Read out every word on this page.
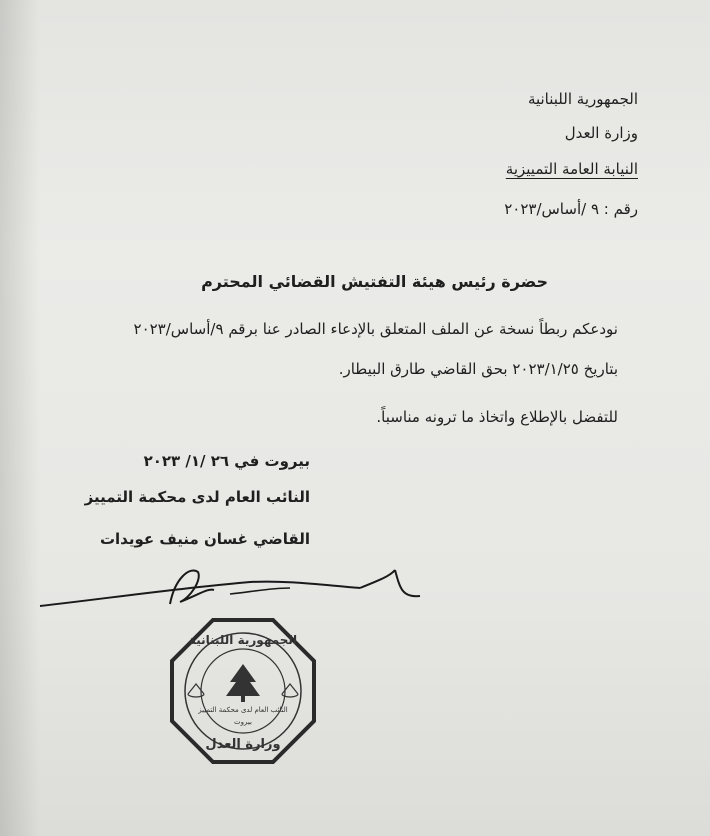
الجمهورية اللبنانية
وزارة العدل
النيابة العامة التمييزية
رقم : ٩ /أساس/٢٠٢٣
حضرة رئيس هيئة التفتيش القضائي المحترم
نودعكم ربطاً نسخة عن الملف المتعلق بالإدعاء الصادر عنا برقم ٩/أساس/٢٠٢٣
بتاريخ ٢٠٢٣/١/٢٥ بحق القاضي طارق البيطار.
للتفضل بالإطلاع واتخاذ ما ترونه مناسباً.
بيروت في ٢٦ /١/ ٢٠٢٣
النائب العام لدى محكمة التمييز
القاضي غسان منيف عويدات
النائب العام لدى محكمة التمييز
بيروت
الجمهورية اللبنانية
وزارة العدل
